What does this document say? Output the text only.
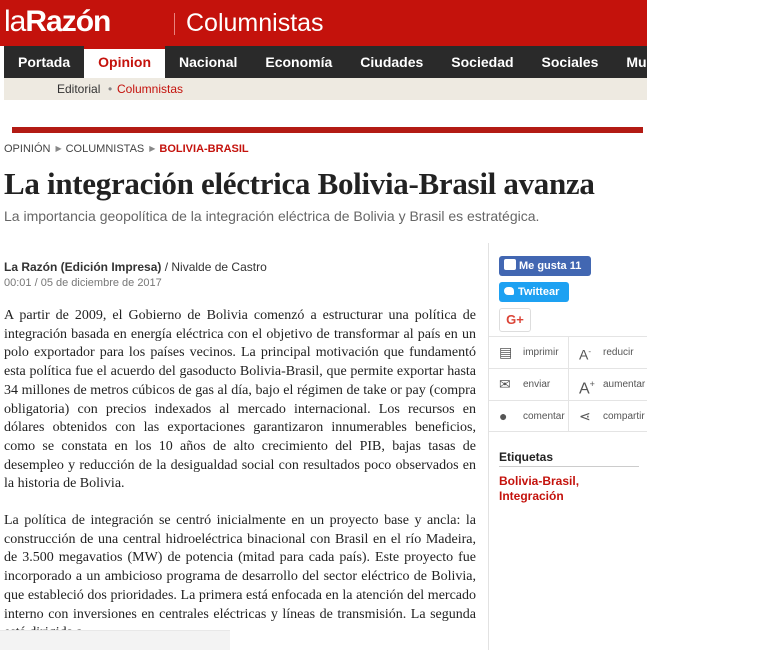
laRazón	Columnistas
Portada	Opinion	Nacional	Economía	Ciudades	Sociedad	Sociales	Mundo	La Rev
Editorial • Columnistas
OPINIÓN ▶ COLUMNISTAS ▶ BOLIVIA-BRASIL
La integración eléctrica Bolivia-Brasil avanza
La importancia geopolítica de la integración eléctrica de Bolivia y Brasil es estratégica.
La Razón (Edición Impresa) / Nivalde de Castro
00:01 / 05 de diciembre de 2017

A partir de 2009, el Gobierno de Bolivia comenzó a estructurar una política de integración basada en energía eléctrica con el objetivo de transformar al país en un polo exportador para los países vecinos. La principal motivación que fundamentó esta política fue el acuerdo del gasoducto Bolivia-Brasil, que permite exportar hasta 34 millones de metros cúbicos de gas al día, bajo el régimen de take or pay (compra obligatoria) con precios indexados al mercado internacional. Los recursos en dólares obtenidos con las exportaciones garantizaron innumerables beneficios, como se constata en los 10 años de alto crecimiento del PIB, bajas tasas de desempleo y reducción de la desigualdad social con resultados poco observados en la historia de Bolivia.

La política de integración se centró inicialmente en un proyecto base y ancla: la construcción de una central hidroeléctrica binacional con Brasil en el río Madeira, de 3.500 megavatios (MW) de potencia (mitad para cada país). Este proyecto fue incorporado a un ambicioso programa de desarrollo del sector eléctrico de Bolivia, que estableció dos prioridades. La primera está enfocada en la atención del mercado interno con inversiones en centrales eléctricas y líneas de transmisión. La segunda

Me gusta 11
Twittear
G+
▤ imprimir A- reducir
✉ enviar A+ aumentar
● comentar ⋖ compartir
Etiquetas
Bolivia-Brasil, Integración
